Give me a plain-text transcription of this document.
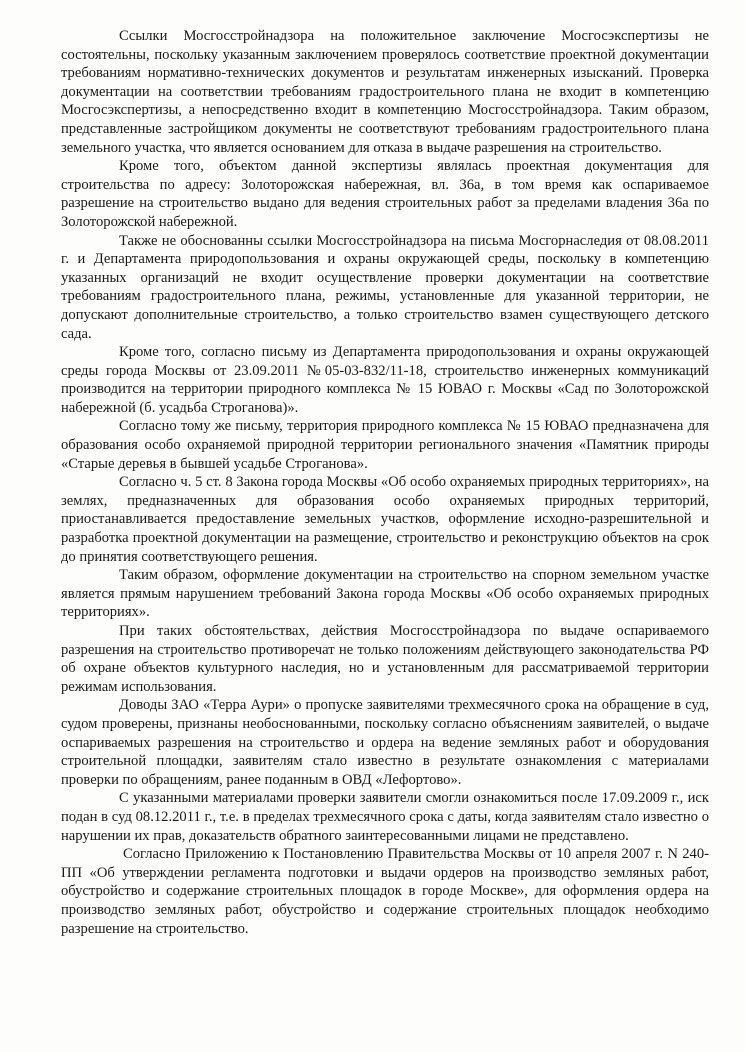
Ссылки Мосгосстройнадзора на положительное заключение Мосгосэкспертизы не состоятельны, поскольку указанным заключением проверялось соответствие проектной документации требованиям нормативно-технических документов и результатам инженерных изысканий. Проверка документации на соответствии требованиям градостроительного плана не входит в компетенцию Мосгосэкспертизы, а непосредственно входит в компетенцию Мосгосстройнадзора. Таким образом, представленные застройщиком документы не соответствуют требованиям градостроительного плана земельного участка, что является основанием для отказа в выдаче разрешения на строительство.

Кроме того, объектом данной экспертизы являлась проектная документация для строительства по адресу: Золоторожская набережная, вл. 36а, в том время как оспариваемое разрешение на строительство выдано для ведения строительных работ за пределами владения 36а по Золоторожской набережной.

Также не обоснованны ссылки Мосгосстройнадзора на письма Мосгорнаследия от 08.08.2011 г. и Департамента природопользования и охраны окружающей среды, поскольку в компетенцию указанных организаций не входит осуществление проверки документации на соответствие требованиям градостроительного плана, режимы, установленные для указанной территории, не допускают дополнительные строительство, а только строительство взамен существующего детского сада.

Кроме того, согласно письму из Департамента природопользования и охраны окружающей среды города Москвы от 23.09.2011 №05-03-832/11-18, строительство инженерных коммуникаций производится на территории природного комплекса № 15 ЮВАО г. Москвы «Сад по Золоторожской набережной (б. усадьба Строганова)».

Согласно тому же письму, территория природного комплекса № 15 ЮВАО предназначена для образования особо охраняемой природной территории регионального значения «Памятник природы «Старые деревья в бывшей усадьбе Строганова».

Согласно ч. 5 ст. 8 Закона города Москвы «Об особо охраняемых природных территориях», на землях, предназначенных для образования особо охраняемых природных территорий, приостанавливается предоставление земельных участков, оформление исходно-разрешительной и разработка проектной документации на размещение, строительство и реконструкцию объектов на срок до принятия соответствующего решения.

Таким образом, оформление документации на строительство на спорном земельном участке является прямым нарушением требований Закона города Москвы «Об особо охраняемых природных территориях».

При таких обстоятельствах, действия Мосгосстройнадзора по выдаче оспариваемого разрешения на строительство противоречат не только положениям действующего законодательства РФ об охране объектов культурного наследия, но и установленным для рассматриваемой территории режимам использования.

Доводы ЗАО «Терра Аури» о пропуске заявителями трехмесячного срока на обращение в суд, судом проверены, признаны необоснованными, поскольку согласно объяснениям заявителей, о выдаче оспариваемых разрешения на строительство и ордера на ведение земляных работ и оборудования строительной площадки, заявителям стало известно в результате ознакомления с материалами проверки по обращениям, ранее поданным в ОВД «Лефортово».

С указанными материалами проверки заявители смогли ознакомиться после 17.09.2009 г., иск подан в суд 08.12.2011 г., т.е. в пределах трехмесячного срока с даты, когда заявителям стало известно о нарушении их прав, доказательств обратного заинтересованными лицами не представлено.

Согласно Приложению к Постановлению Правительства Москвы от 10 апреля 2007 г. N 240-ПП «Об утверждении регламента подготовки и выдачи ордеров на производство земляных работ, обустройство и содержание строительных площадок в городе Москве», для оформления ордера на производство земляных работ, обустройство и содержание строительных площадок необходимо разрешение на строительство.
